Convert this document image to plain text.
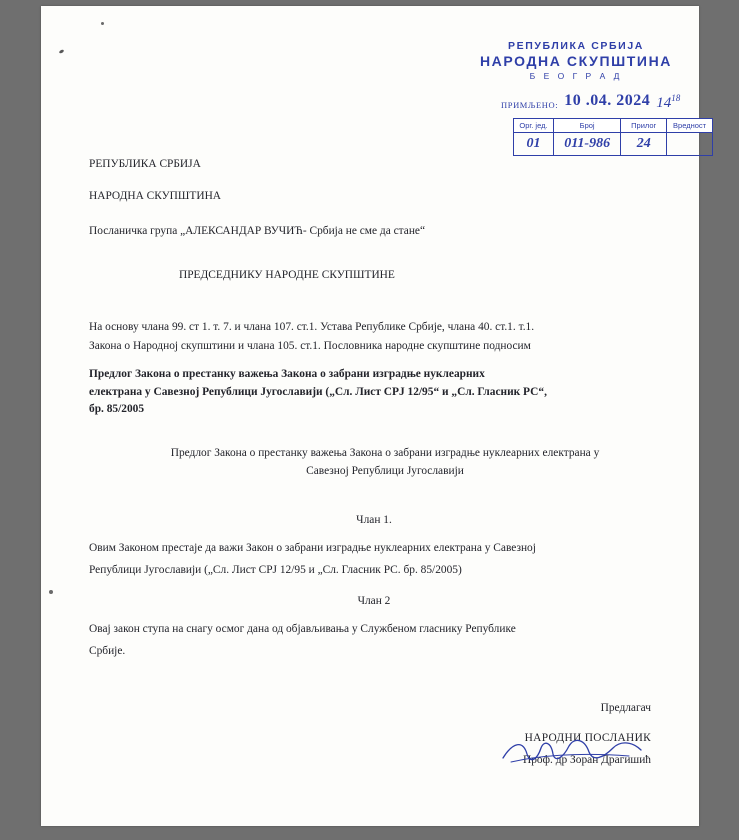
РЕПУБЛИКА СРБИЈА
НАРОДНА СКУПШТИНА
Б Е О Г Р А Д
ПРИМЉЕНО: 10 .04. 2024 $14^{18}$
Орг. јед.	Број	Прилог	Вредност
01	011-986	24	
РЕПУБЛИКА СРБИЈА
НАРОДНА СКУПШТИНА
Посланичка група „АЛЕКСАНДАР ВУЧИЋ- Србија не сме да стане“
ПРЕДСЕДНИКУ НАРОДНЕ СКУПШТИНЕ
На основу члана 99. ст 1. т. 7. и члана 107. ст.1. Устава Републике Србије, члана 40. ст.1. т.1.
Закона о Народној скупштини и члана 105. ст.1. Пословника народне скупштине подносим
Предлог Закона о престанку важења Закона о забрани изградње нуклеарних
електрана у Савезној Републици Југославији („Сл. Лист СРЈ 12/95“ и „Сл. Гласник РС“,
бр. 85/2005
Предлог Закона о престанку важења Закона о забрани изградње нуклеарних електрана у
Савезној Републици Југославији
Члан 1.
Овим Законом престаје да важи Закон о забрани изградње нуклеарних електрана у Савезној
Републици Југославији („Сл. Лист СРЈ 12/95 и „Сл. Гласник РС. бр. 85/2005)
Члан 2
Овај закон ступа на снагу осмог дана од објављивања у Службеном гласнику Републике
Србије.
Предлагач
НАРОДНИ ПОСЛАНИК
Проф. др Зоран Драгишић
